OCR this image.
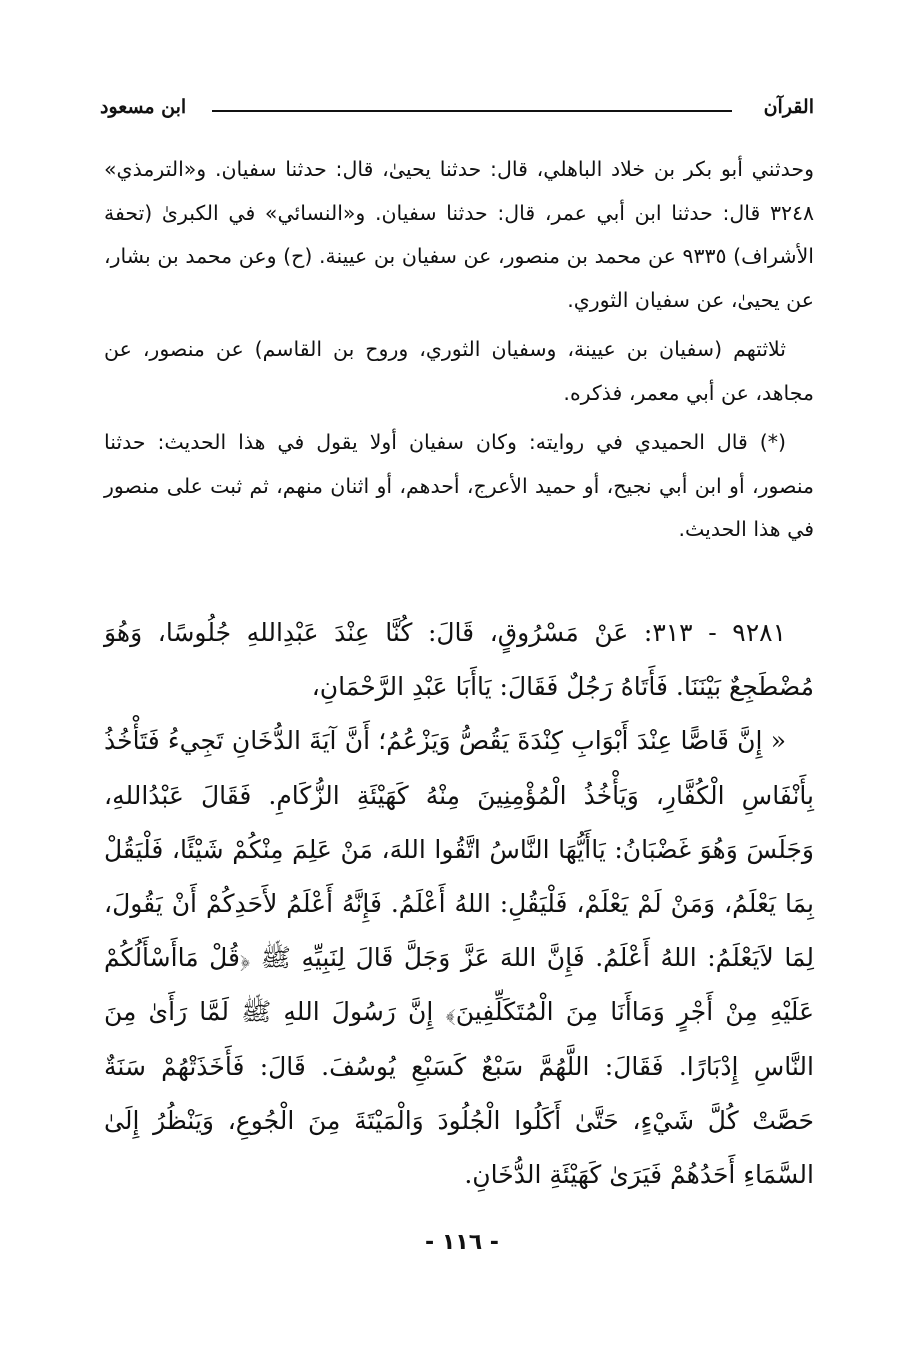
القرآن
ابن مسعود

وحدثني أبو بكر بن خلاد الباهلي، قال: حدثنا يحيىٰ، قال: حدثنا سفيان. و«الترمذي» ٣٢٤٨ قال: حدثنا ابن أبي عمر، قال: حدثنا سفيان. و«النسائي» في الكبرىٰ (تحفة الأشراف) ٩٣٣٥ عن محمد بن منصور، عن سفيان بن عيينة. (ح) وعن محمد بن بشار، عن يحيىٰ، عن سفيان الثوري.

ثلاثتهم (سفيان بن عيينة، وسفيان الثوري، وروح بن القاسم) عن منصور، عن مجاهد، عن أبي معمر، فذكره.

(*) قال الحميدي في روايته: وكان سفيان أولا يقول في هذا الحديث: حدثنا منصور، أو ابن أبي نجيح، أو حميد الأعرج، أحدهم، أو اثنان منهم، ثم ثبت على منصور في هذا الحديث.

٩٢٨١ - ٣١٣: عَنْ مَسْرُوقٍ، قَالَ: كُنَّا عِنْدَ عَبْدِاللهِ جُلُوسًا، وَهُوَ مُضْطَجِعٌ بَيْنَنَا. فَأَتَاهُ رَجُلٌ فَقَالَ: يَاأَبَا عَبْدِ الرَّحْمَانِ،

« إِنَّ قَاصًّا عِنْدَ أَبْوَابِ كِنْدَةَ يَقُصُّ وَيَزْعُمُ؛ أَنَّ آيَةَ الدُّخَانِ تَجِيءُ فَتَأْخُذُ بِأَنْفَاسِ الْكُفَّارِ، وَيَأْخُذُ الْمُؤْمِنِينَ مِنْهُ كَهَيْئَةِ الزُّكَامِ. فَقَالَ عَبْدُاللهِ، وَجَلَسَ وَهُوَ غَضْبَانُ: يَاأَيُّهَا النَّاسُ اتَّقُوا اللهَ، مَنْ عَلِمَ مِنْكُمْ شَيْئًا، فَلْيَقُلْ بِمَا يَعْلَمُ، وَمَنْ لَمْ يَعْلَمْ، فَلْيَقُلِ: اللهُ أَعْلَمُ. فَإِنَّهُ أَعْلَمُ لأَحَدِكُمْ أَنْ يَقُولَ، لِمَا لاَيَعْلَمُ: اللهُ أَعْلَمُ. فَإِنَّ اللهَ عَزَّ وَجَلَّ قَالَ لِنَبِيِّهِ ﷺ ﴿قُلْ مَاأَسْأَلُكُمْ عَلَيْهِ مِنْ أَجْرٍ وَمَاأَنَا مِنَ الْمُتَكَلِّفِينَ﴾ إِنَّ رَسُولَ اللهِ ﷺ لَمَّا رَأَىٰ مِنَ النَّاسِ إِدْبَارًا. فَقَالَ: اللَّهُمَّ سَبْعٌ كَسَبْعِ يُوسُفَ. قَالَ: فَأَخَذَتْهُمْ سَنَةٌ حَصَّتْ كُلَّ شَيْءٍ، حَتَّىٰ أَكَلُوا الْجُلُودَ وَالْمَيْتَةَ مِنَ الْجُوعِ، وَيَنْظُرُ إِلَىٰ السَّمَاءِ أَحَدُهُمْ فَيَرَىٰ كَهَيْئَةِ الدُّخَانِ.

- ١١٦ -
